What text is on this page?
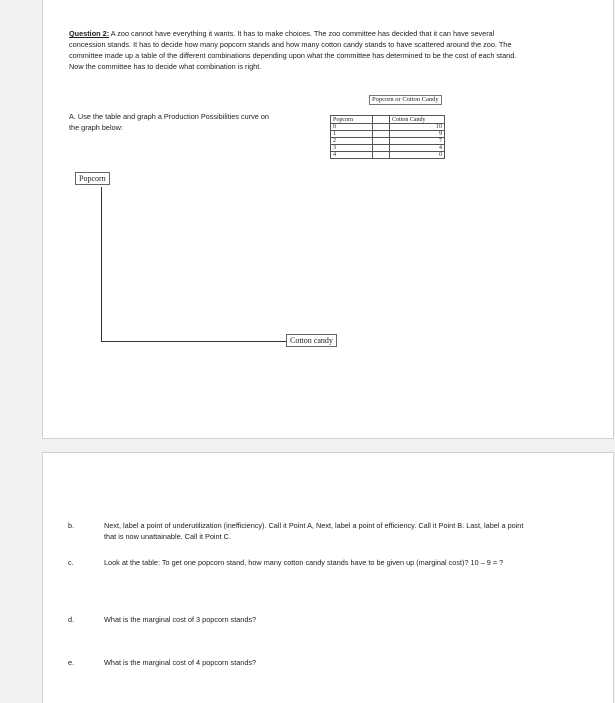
Question 2: A zoo cannot have everything it wants. It has to make choices. The zoo committee has decided that it can have several concession stands. It has to decide how many popcorn stands and how many cotton candy stands to have scattered around the zoo. The committee made up a table of the different combinations depending upon what the committee has determined to be the cost of each stand. Now the committee has to decide what combination is right.
A. Use the table and graph a Production Possibilities curve on the graph below:
Popcorn or Cotton Candy
Popcorn		Cotton Candy
0		10
1		9
2		7
3		4
4		0
Popcorn
Cotton candy
b.	Next, label a point of underutilization (inefficiency). Call it Point A, Next, label a point of efficiency. Call it Point B. Last, label a point that is now unattainable. Call it Point C.
c.	Look at the table: To get one popcorn stand, how many cotton candy stands have to be given up (marginal cost)? 10 – 9 = ?
d.	What is the marginal cost of 3 popcorn stands?
e.	What is the marginal cost of 4 popcorn stands?
